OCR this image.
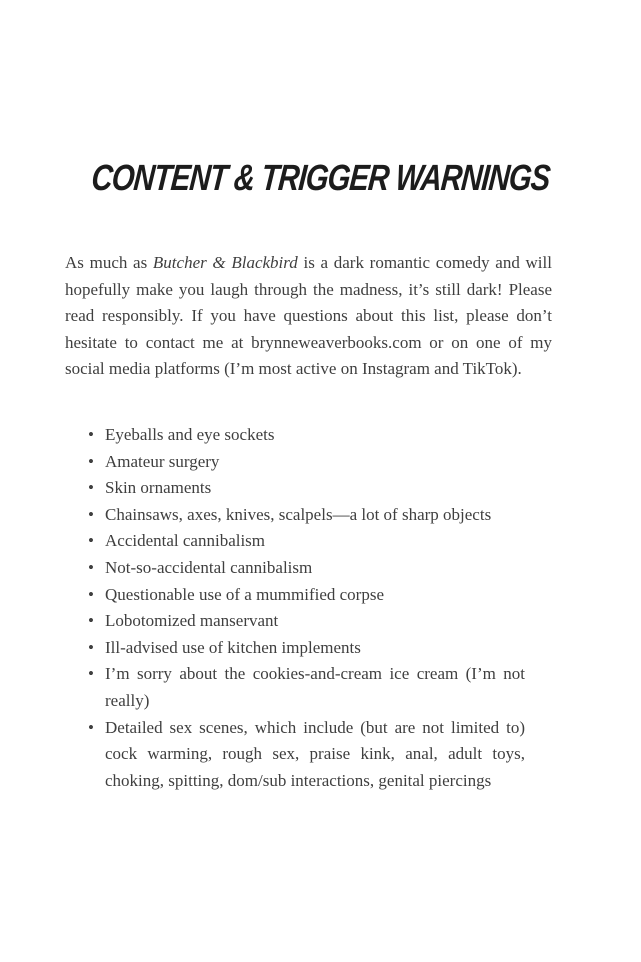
CONTENT & TRIGGER WARNINGS

As much as Butcher & Blackbird is a dark romantic comedy and will hopefully make you laugh through the madness, it’s still dark! Please read responsibly. If you have questions about this list, please don’t hesitate to contact me at brynneweaverbooks.com or on one of my social media platforms (I’m most active on Instagram and TikTok).

• Eyeballs and eye sockets
• Amateur surgery
• Skin ornaments
• Chainsaws, axes, knives, scalpels—a lot of sharp objects
• Accidental cannibalism
• Not-so-accidental cannibalism
• Questionable use of a mummified corpse
• Lobotomized manservant
• Ill-advised use of kitchen implements
• I’m sorry about the cookies-and-cream ice cream (I’m not really)
• Detailed sex scenes, which include (but are not limited to) cock warming, rough sex, praise kink, anal, adult toys, choking, spitting, dom/sub interactions, genital piercings
